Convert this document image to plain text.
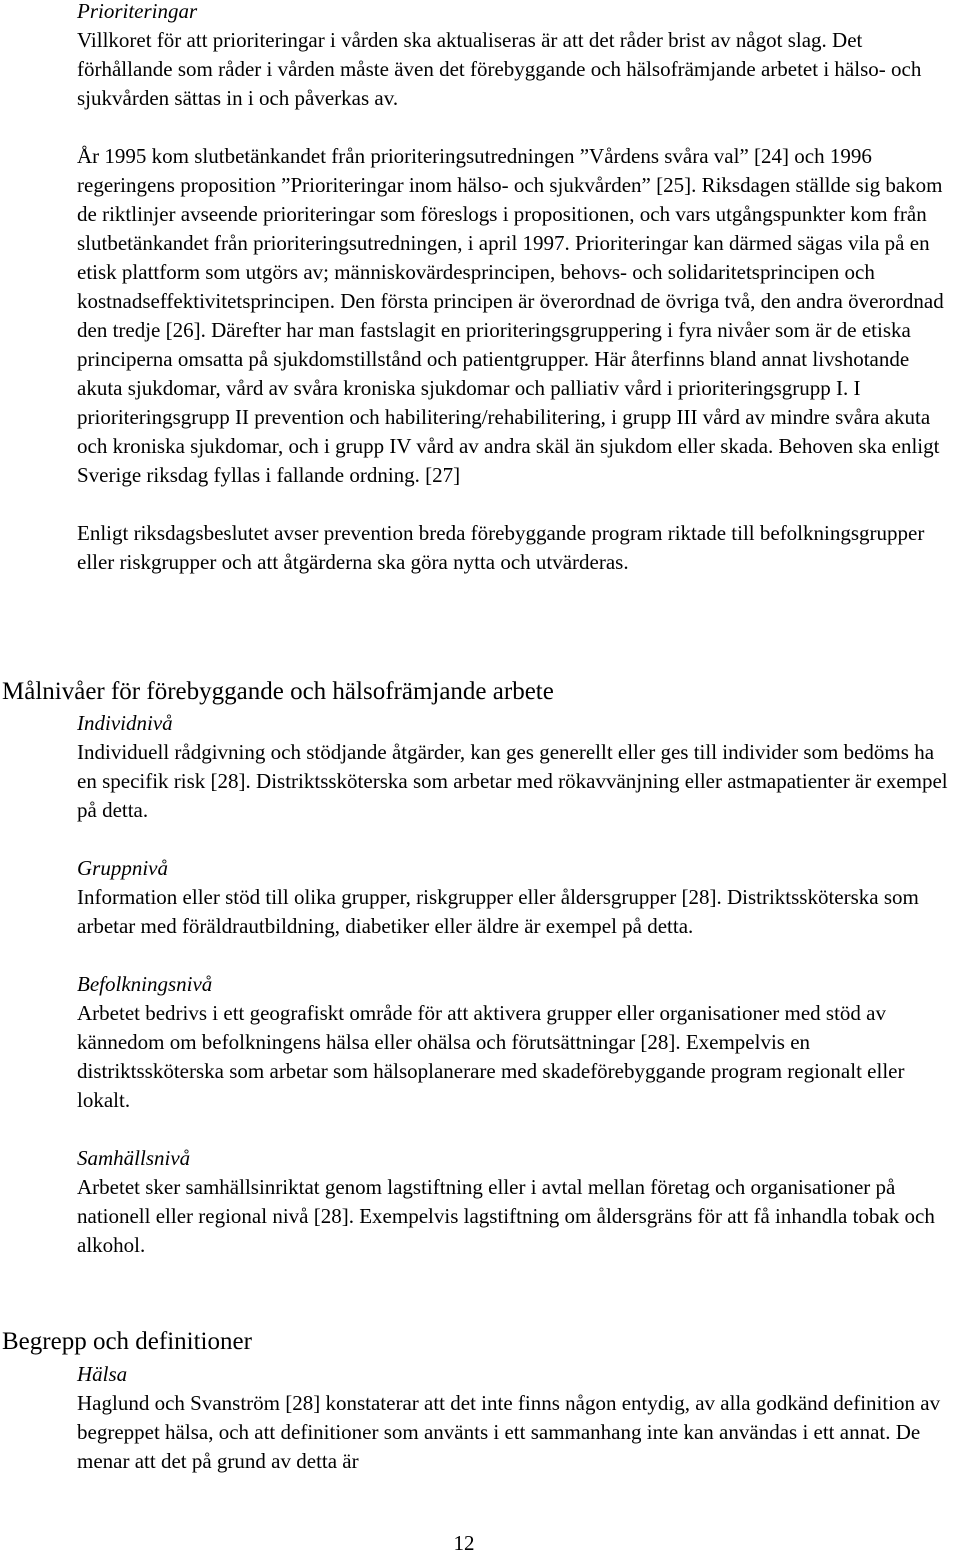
Prioriteringar

Villkoret för att prioriteringar i vården ska aktualiseras är att det råder brist av något slag. Det förhållande som råder i vården måste även det förebyggande och hälsofrämjande arbetet i hälso- och sjukvården sättas in i och påverkas av.

År 1995 kom slutbetänkandet från prioriteringsutredningen ”Vårdens svåra val” [24] och 1996 regeringens proposition ”Prioriteringar inom hälso- och sjukvården” [25]. Riksdagen ställde sig bakom de riktlinjer avseende prioriteringar som föreslogs i propositionen, och vars utgångspunkter kom från slutbetänkandet från prioriteringsutredningen, i april 1997. Prioriteringar kan därmed sägas vila på en etisk plattform som utgörs av; människovärdesprincipen, behovs- och solidaritetsprincipen och kostnadseffektivitetsprincipen. Den första principen är överordnad de övriga två, den andra överordnad den tredje [26]. Därefter har man fastslagit en prioriteringsgruppering i fyra nivåer som är de etiska principerna omsatta på sjukdomstillstånd och patientgrupper. Här återfinns bland annat livshotande akuta sjukdomar, vård av svåra kroniska sjukdomar och palliativ vård i prioriteringsgrupp I. I prioriteringsgrupp II prevention och habilitering/rehabilitering, i grupp III vård av mindre svåra akuta och kroniska sjukdomar, och i grupp IV vård av andra skäl än sjukdom eller skada. Behoven ska enligt Sverige riksdag fyllas i fallande ordning. [27]

Enligt riksdagsbeslutet avser prevention breda förebyggande program riktade till befolkningsgrupper eller riskgrupper och att åtgärderna ska göra nytta och utvärderas.

Målnivåer för förebyggande och hälsofrämjande arbete

Individnivå

Individuell rådgivning och stödjande åtgärder, kan ges generellt eller ges till individer som bedöms ha en specifik risk [28]. Distriktssköterska som arbetar med rökavvänjning eller astmapatienter är exempel på detta.

Gruppnivå

Information eller stöd till olika grupper, riskgrupper eller åldersgrupper [28]. Distriktssköterska som arbetar med föräldrautbildning, diabetiker eller äldre är exempel på detta.

Befolkningsnivå

Arbetet bedrivs i ett geografiskt område för att aktivera grupper eller organisationer med stöd av kännedom om befolkningens hälsa eller ohälsa och förutsättningar [28]. Exempelvis en distriktssköterska som arbetar som hälsoplanerare med skadeförebyggande program regionalt eller lokalt.

Samhällsnivå

Arbetet sker samhällsinriktat genom lagstiftning eller i avtal mellan företag och organisationer på nationell eller regional nivå [28]. Exempelvis lagstiftning om åldersgräns för att få inhandla tobak och alkohol.

Begrepp och definitioner

Hälsa

Haglund och Svanström [28] konstaterar att det inte finns någon entydig, av alla godkänd definition av begreppet hälsa, och att definitioner som använts i ett sammanhang inte kan användas i ett annat. De menar att det på grund av detta är

12
